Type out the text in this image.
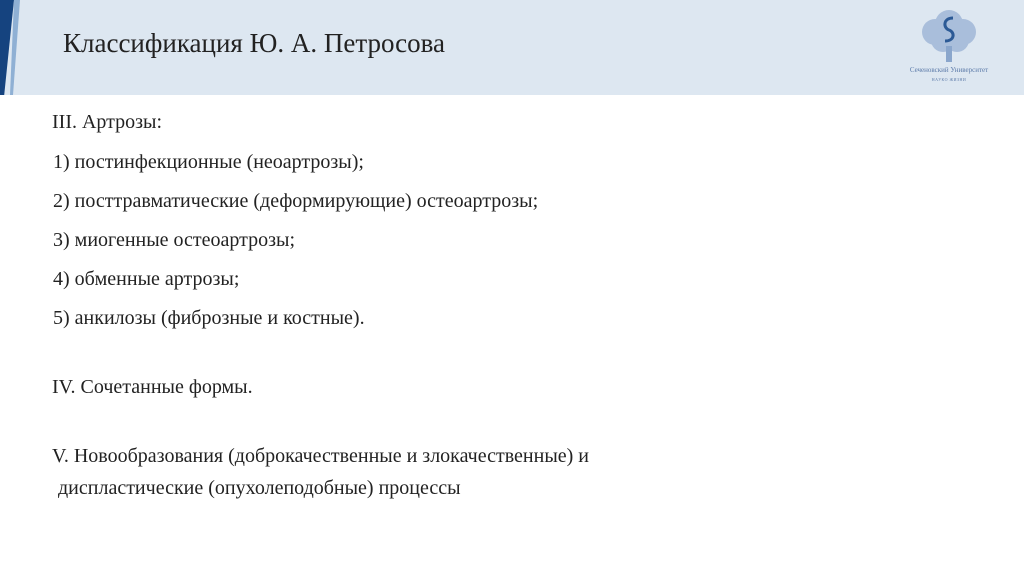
Классификация Ю. А. Петросова
Сеченовский Университет
НАУКО ЖИЗНИ
III. Артрозы:
1) постинфекционные (неоартрозы);
2) посттравматические (деформирующие) остеоартрозы;
3) миогенные остеоартрозы;
4) обменные артрозы;
5) анкилозы (фиброзные и костные).
IV. Сочетанные формы.
V. Новообразования (доброкачественные и злокачественные) и
диспластические (опухолеподобные) процессы
